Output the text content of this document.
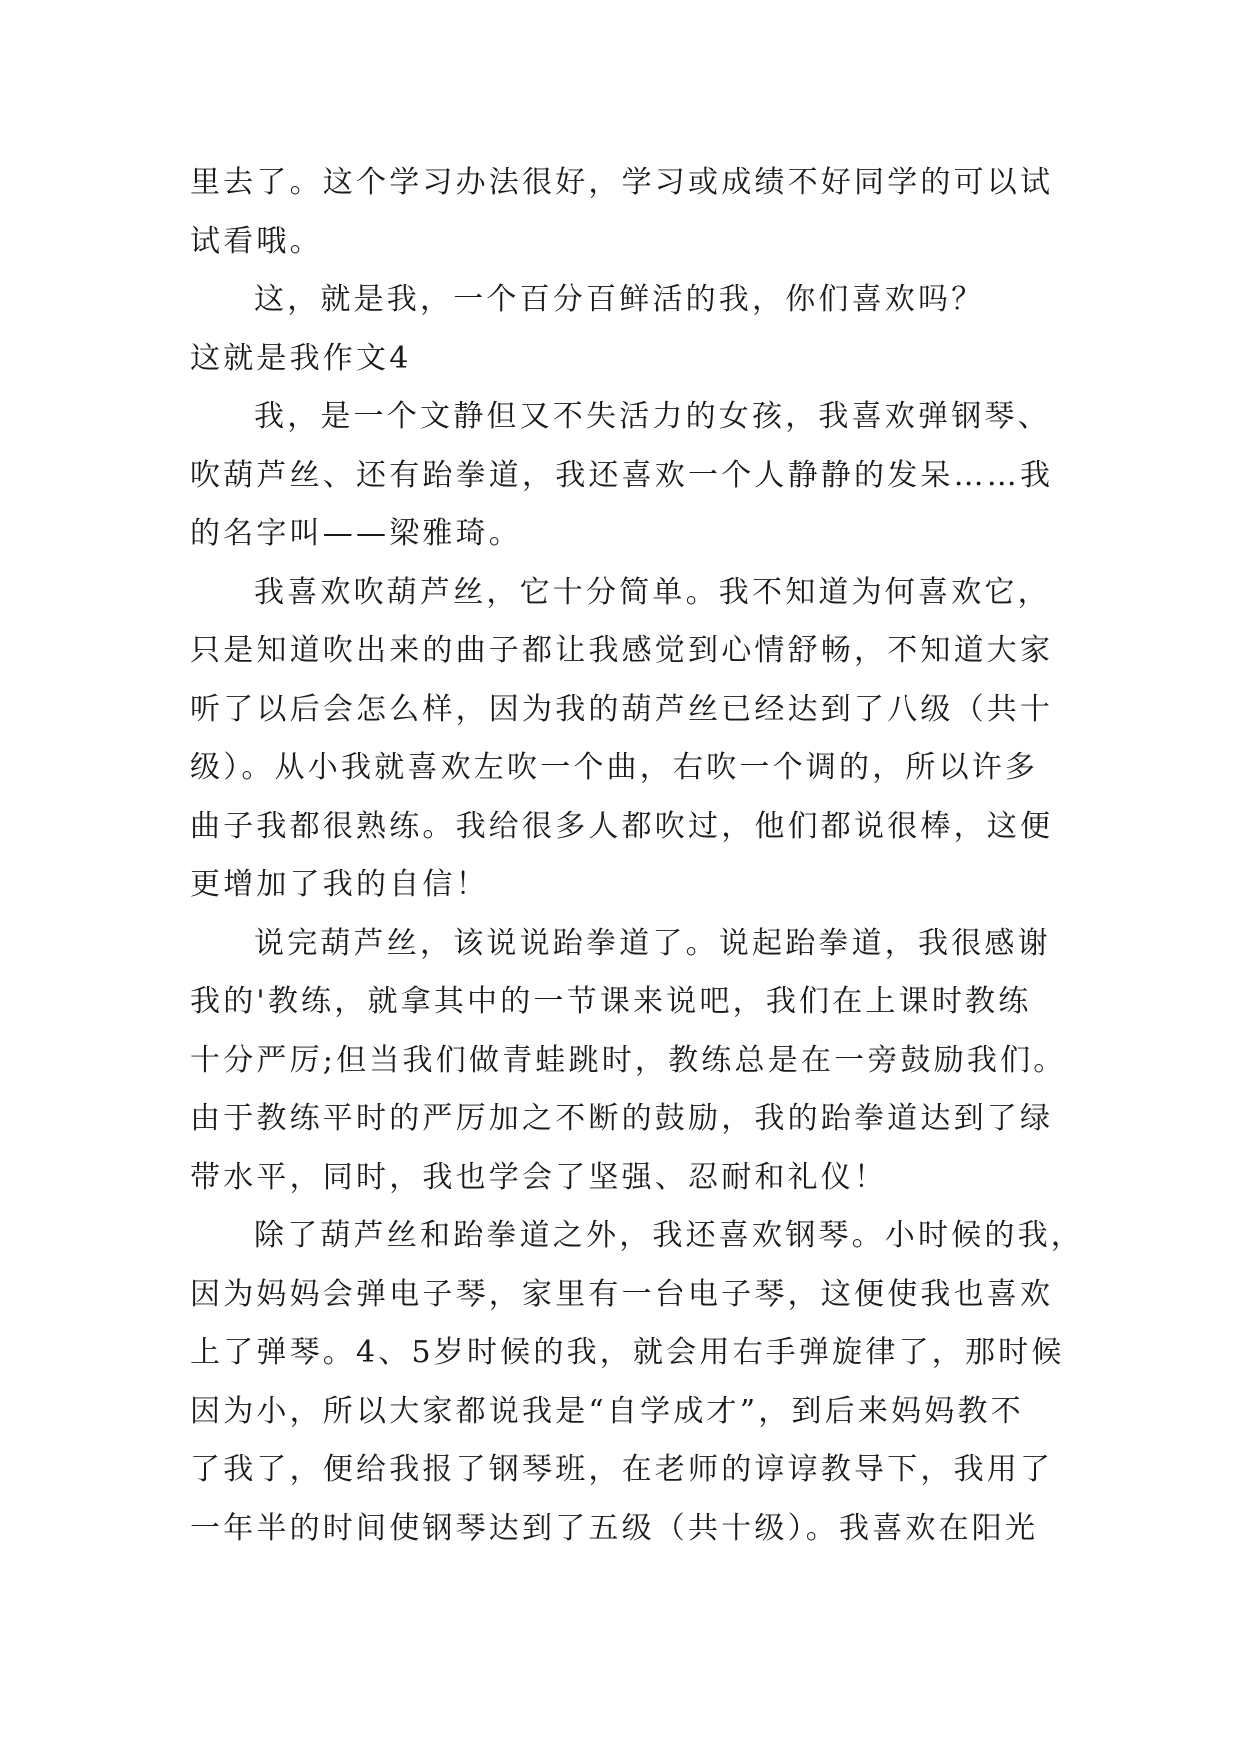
里去了。这个学习办法很好，学习或成绩不好同学的可以试
试看哦。
这，就是我，一个百分百鲜活的我，你们喜欢吗？
这就是我作文4
我，是一个文静但又不失活力的女孩，我喜欢弹钢琴、
吹葫芦丝、还有跆拳道，我还喜欢一个人静静的发呆……我
的名字叫——梁雅琦。
我喜欢吹葫芦丝，它十分简单。我不知道为何喜欢它，
只是知道吹出来的曲子都让我感觉到心情舒畅，不知道大家
听了以后会怎么样，因为我的葫芦丝已经达到了八级（共十
级）。从小我就喜欢左吹一个曲，右吹一个调的，所以许多
曲子我都很熟练。我给很多人都吹过，他们都说很棒，这便
更增加了我的自信！
说完葫芦丝，该说说跆拳道了。说起跆拳道，我很感谢
我的'教练，就拿其中的一节课来说吧，我们在上课时教练
十分严厉;但当我们做青蛙跳时，教练总是在一旁鼓励我们。
由于教练平时的严厉加之不断的鼓励，我的跆拳道达到了绿
带水平，同时，我也学会了坚强、忍耐和礼仪！
除了葫芦丝和跆拳道之外，我还喜欢钢琴。小时候的我，
因为妈妈会弹电子琴，家里有一台电子琴，这便使我也喜欢
上了弹琴。4、5岁时候的我，就会用右手弹旋律了，那时候
因为小，所以大家都说我是“自学成才”，到后来妈妈教不
了我了，便给我报了钢琴班，在老师的谆谆教导下，我用了
一年半的时间使钢琴达到了五级（共十级）。我喜欢在阳光
